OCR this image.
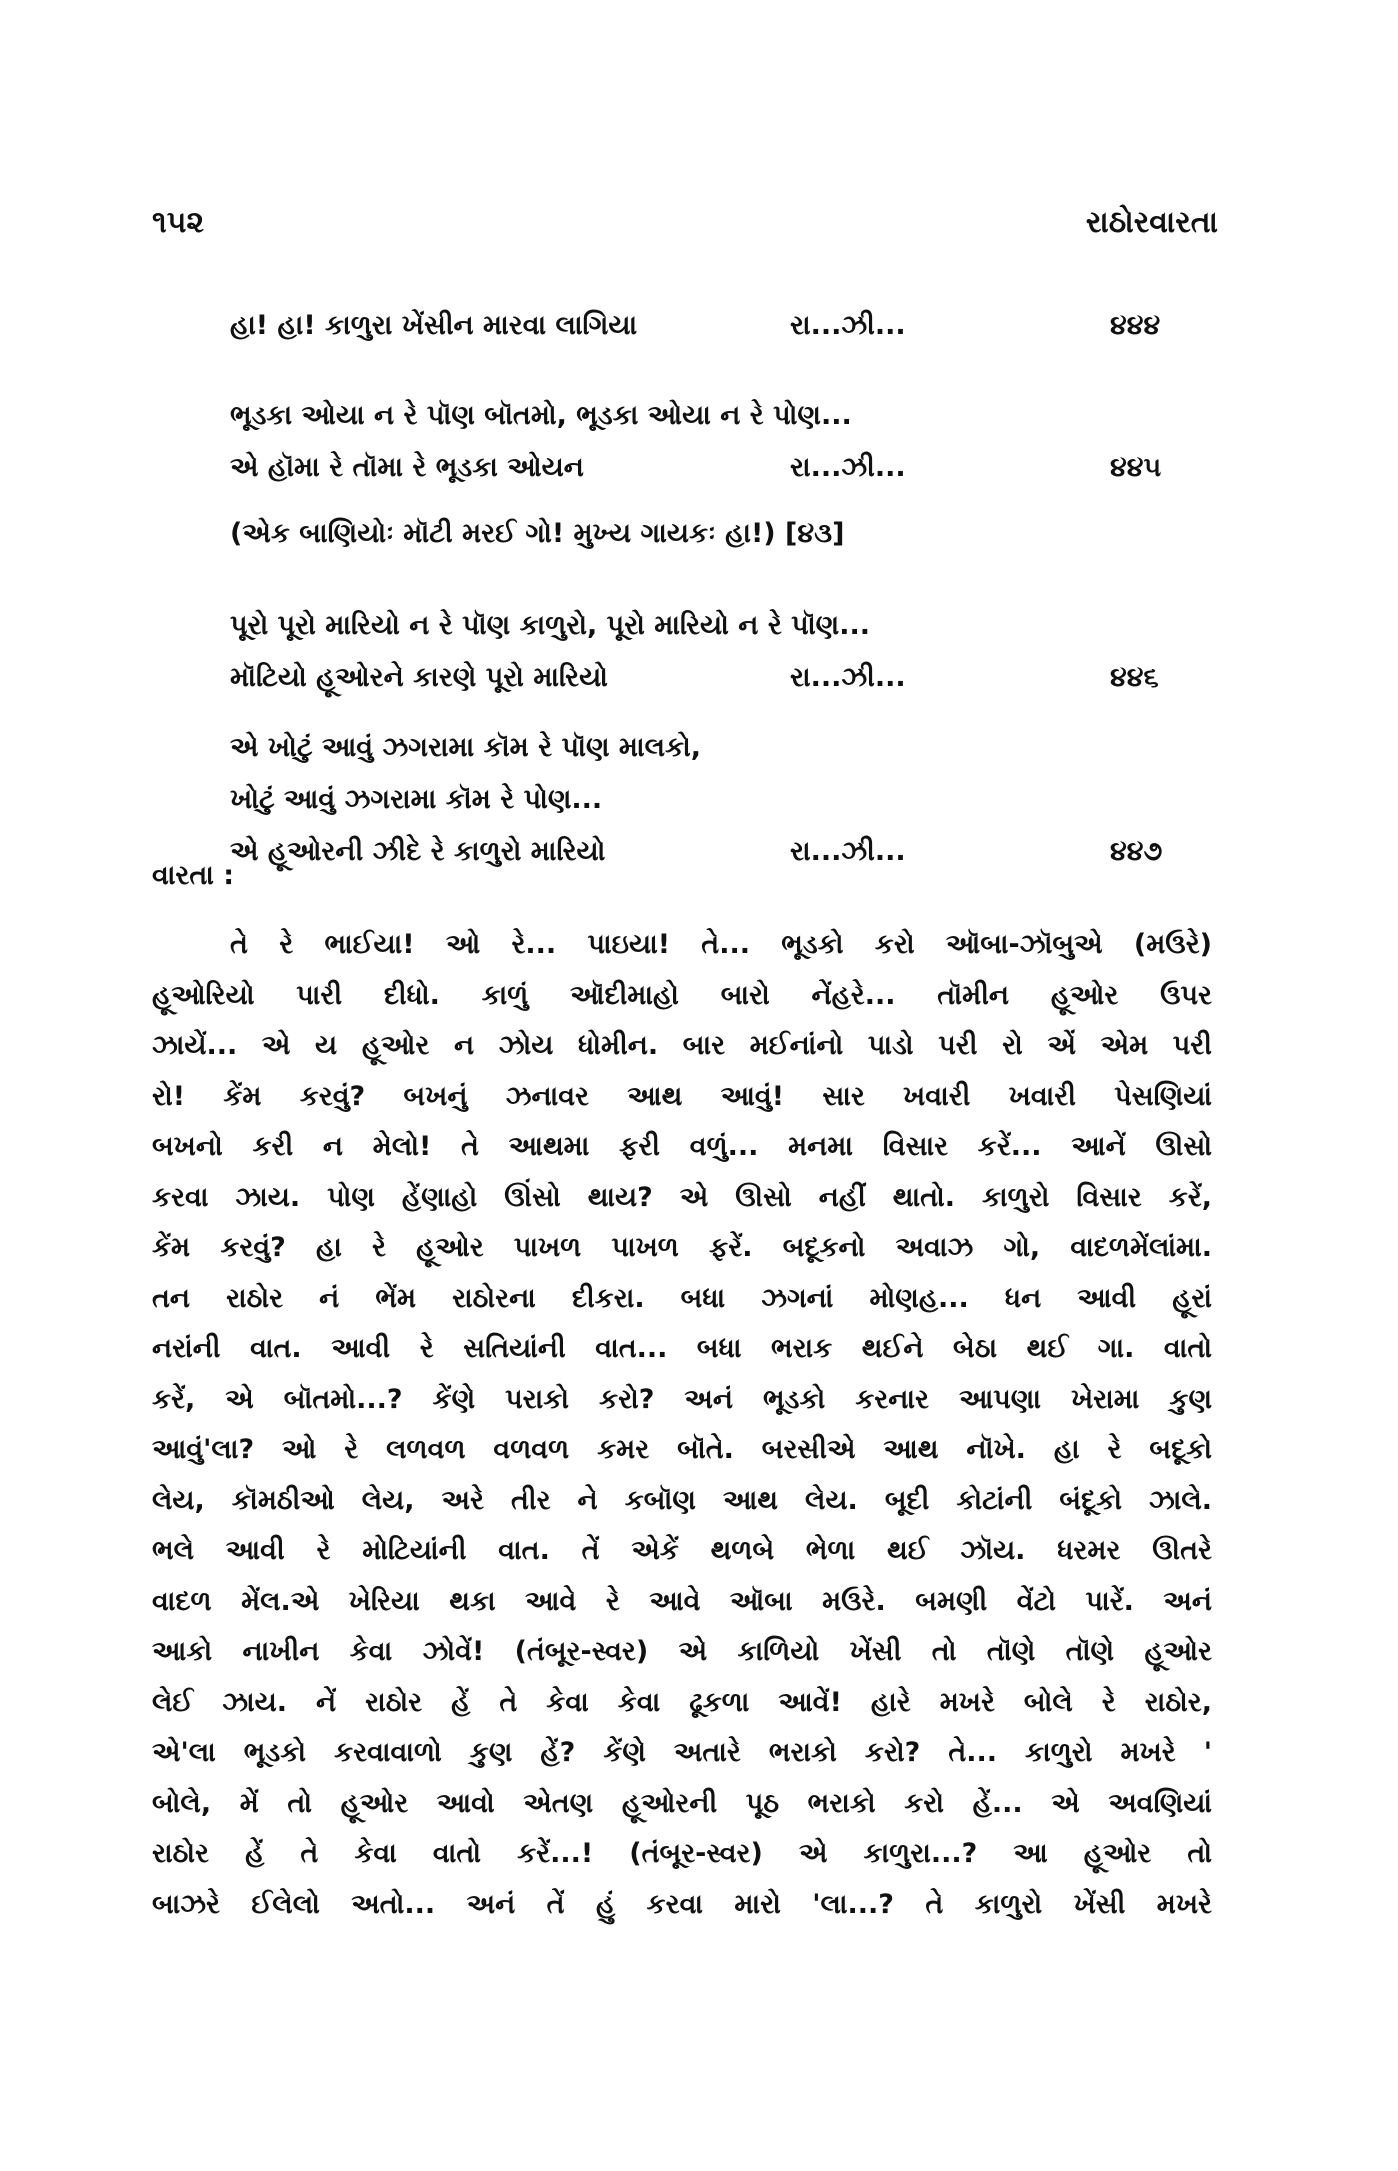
૧૫૨	રાઠોરવારતા
હા! હા! કાળુરા ખેંસીન મારવા લાગિયા	રા...ઝી...	૪૪૪
ભૂડકા ઓયા ન રે પૉણ બૉતમો, ભૂડકા ઓયા ન રે પોણ...
એ હૉમા રે તૉમા રે ભૂડકા ઓયન	રા...ઝી...	૪૪૫
(એક બાણિયોઃ મૉટી મરઈ ગો! મુખ્ય ગાયકઃ હા!) [૪૩]
પૂરો પૂરો મારિયો ન રે પૉણ કાળુરો, પૂરો મારિયો ન રે પૉણ...
મૉટિયો હૂઓરને કારણે પૂરો મારિયો	રા...ઝી...	૪૪૬
એ ખોટું આવું ઝગરામા કૉમ રે પૉણ માલકો,
ખોટું આવું ઝગરામા કૉમ રે પોણ...
એ હૂઓરની ઝીદે રે કાળુરો મારિયો	રા...ઝી...	૪૪૭
વારતા :
તે રે ભાઈયા! ઓ રે... પાઇયા! તે... ભૂડકો કરો ઑબા-ઝૉબુએ (મઉરે)
હૂઓરિયો પારી દીધો. કાળું ઑદીમાહો બારો નેંહરે... તૉમીન હૂઓર ઉપર
ઝાયેં... એ ય હૂઓર ન ઝોય ધોમીન. બાર મઈનાંનો પાડો પરી રો એં એમ પરી
રો! કેંમ કરવું? બખનું ઝનાવર આથ આવું! સાર ખવારી ખવારી પેસણિયાં
બખનો કરી ન મેલો! તે આથમા ફરી વળું... મનમા વિસાર કરેં... આનેં ઊસો
કરવા ઝાય. પોણ હેંણાહો ઊંસો થાય? એ ઊસો નહીં થાતો. કાળુરો વિસાર કરેં,
કેંમ કરવું? હા રે હૂઓર પાખળ પાખળ ફરેં. બદૂકનો અવાઝ ગો, વાદળમેંલાંમા.
તન રાઠોર નં ભેંમ રાઠોરના દીકરા. બધા ઝગનાં મોણહ... ધન આવી હૂરાં
નરાંની વાત. આવી રે સતિયાંની વાત... બધા ભરાક થઈને બેઠા થઈ ગા. વાતો
કરેં, એ બૉતમો...? કેંણે પરાકો કરો? અનં ભૂડકો કરનાર આપણા ખેરામા કુણ
આવું'લા? ઓ રે લળવળ વળવળ કમર બૉતે. બરસીએ આથ નૉખે. હા રે બદૂકો
લેય, કૉમઠીઓ લેય, અરે તીર ને કબૉણ આથ લેય. બૂદી કોટાંની બંદૂકો ઝાલે.
ભલે આવી રે મોટિયાંની વાત. તેં એકેં થળબે ભેળા થઈ ઝૉય. ધરમર ઊતરે
વાદળ મેંલ.એ ખેરિયા થકા આવે રે આવે ઑબા મઉરે. બમણી વેંટો પારેં. અનં
આકો નાખીન કેવા ઝોવેં! (તંબૂર-સ્વર) એ કાળિયો ખેંસી તો તૉણે તૉણે હૂઓર
લેઈ ઝાય. નેં રાઠોર હેં તે કેવા કેવા ઢૂકળા આવેં! હારે મખરે બોલે રે રાઠોર,
એ'લા ભૂડકો કરવાવાળો કુણ હેં? કેંણે અતારે ભરાકો કરો? તે... કાળુરો મખરે '
બોલે, મેં તો હૂઓર આવો એતણ હૂઓરની પૂઠ ભરાકો કરો હેં... એ અવણિયાં
રાઠોર હેં તે કેવા વાતો કરેં...! (તંબૂર-સ્વર) એ કાળુરા...? આ હૂઓર તો
બાઝરે ઈલેલો અતો... અનં તેં હું કરવા મારો 'લા...? તે કાળુરો ખેંસી મખરે
